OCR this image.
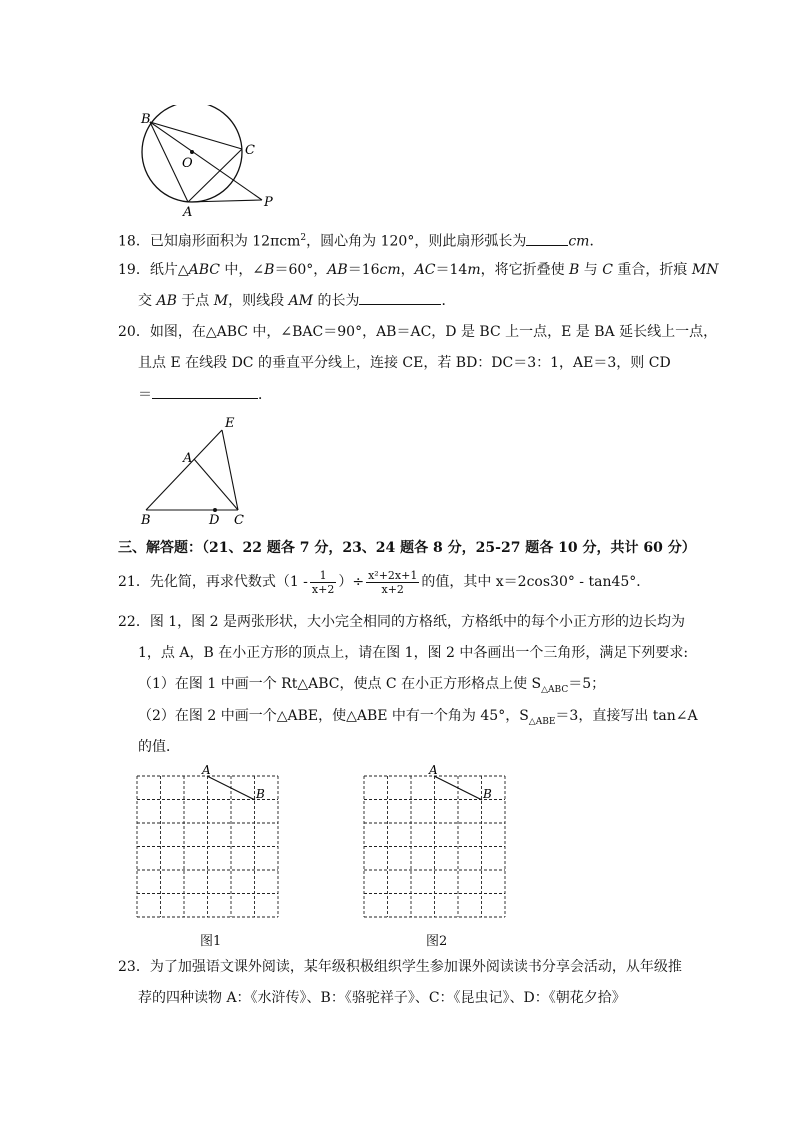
B
O
C
A
P
18．已知扇形面积为 12πcm$^2$，圆心角为 120°，则此扇形弧长为	cm．
19．纸片△ABC 中，∠B＝60°，AB＝16cm，AC＝14m，将它折叠使 B 与 C 重合，折痕 MN
交 AB 于点 M，则线段 AM 的长为	．
20．如图，在△ABC 中，∠BAC＝90°，AB＝AC，D 是 BC 上一点，E 是 BA 延长线上一点，
且点 E 在线段 DC 的垂直平分线上，连接 CE，若 BD：DC＝3：1，AE＝3，则 CD
＝	．
E
A
B	D C
三、解答题：（21、22 题各 7 分，23、24 题各 8 分，25-27 题各 10 分，共计 60 分）
21．先化简，再求代数式（$1 - \frac{1}{x+2}$ ）÷ $\frac{\text{x²+2x+1}}{x+2}$ 的值，其中 x＝2cos30° - tan45°．
22．图 1，图 2 是两张形状，大小完全相同的方格纸，方格纸中的每个小正方形的边长均为
1，点 A，B 在小正方形的顶点上，请在图 1，图 2 中各画出一个三角形，满足下列要求:
（1）在图 1 中画一个 Rt△ABC，使点 C 在小正方形格点上使 $S_{\triangle ABC}=5$；
（2）在图 2 中画一个△ABE，使△ABE 中有一个角为 45°，$S_{\triangle ABE}=3$，直接写出 tan∠A
的值．
A
B
图1
A
B
图2
23．为了加强语文课外阅读，某年级积极组织学生参加课外阅读读书分享会活动，从年级推
荐的四种读物 A：《水浒传》、B：《骆驼祥子》、C：《昆虫记》、D：《朝花夕拾》
